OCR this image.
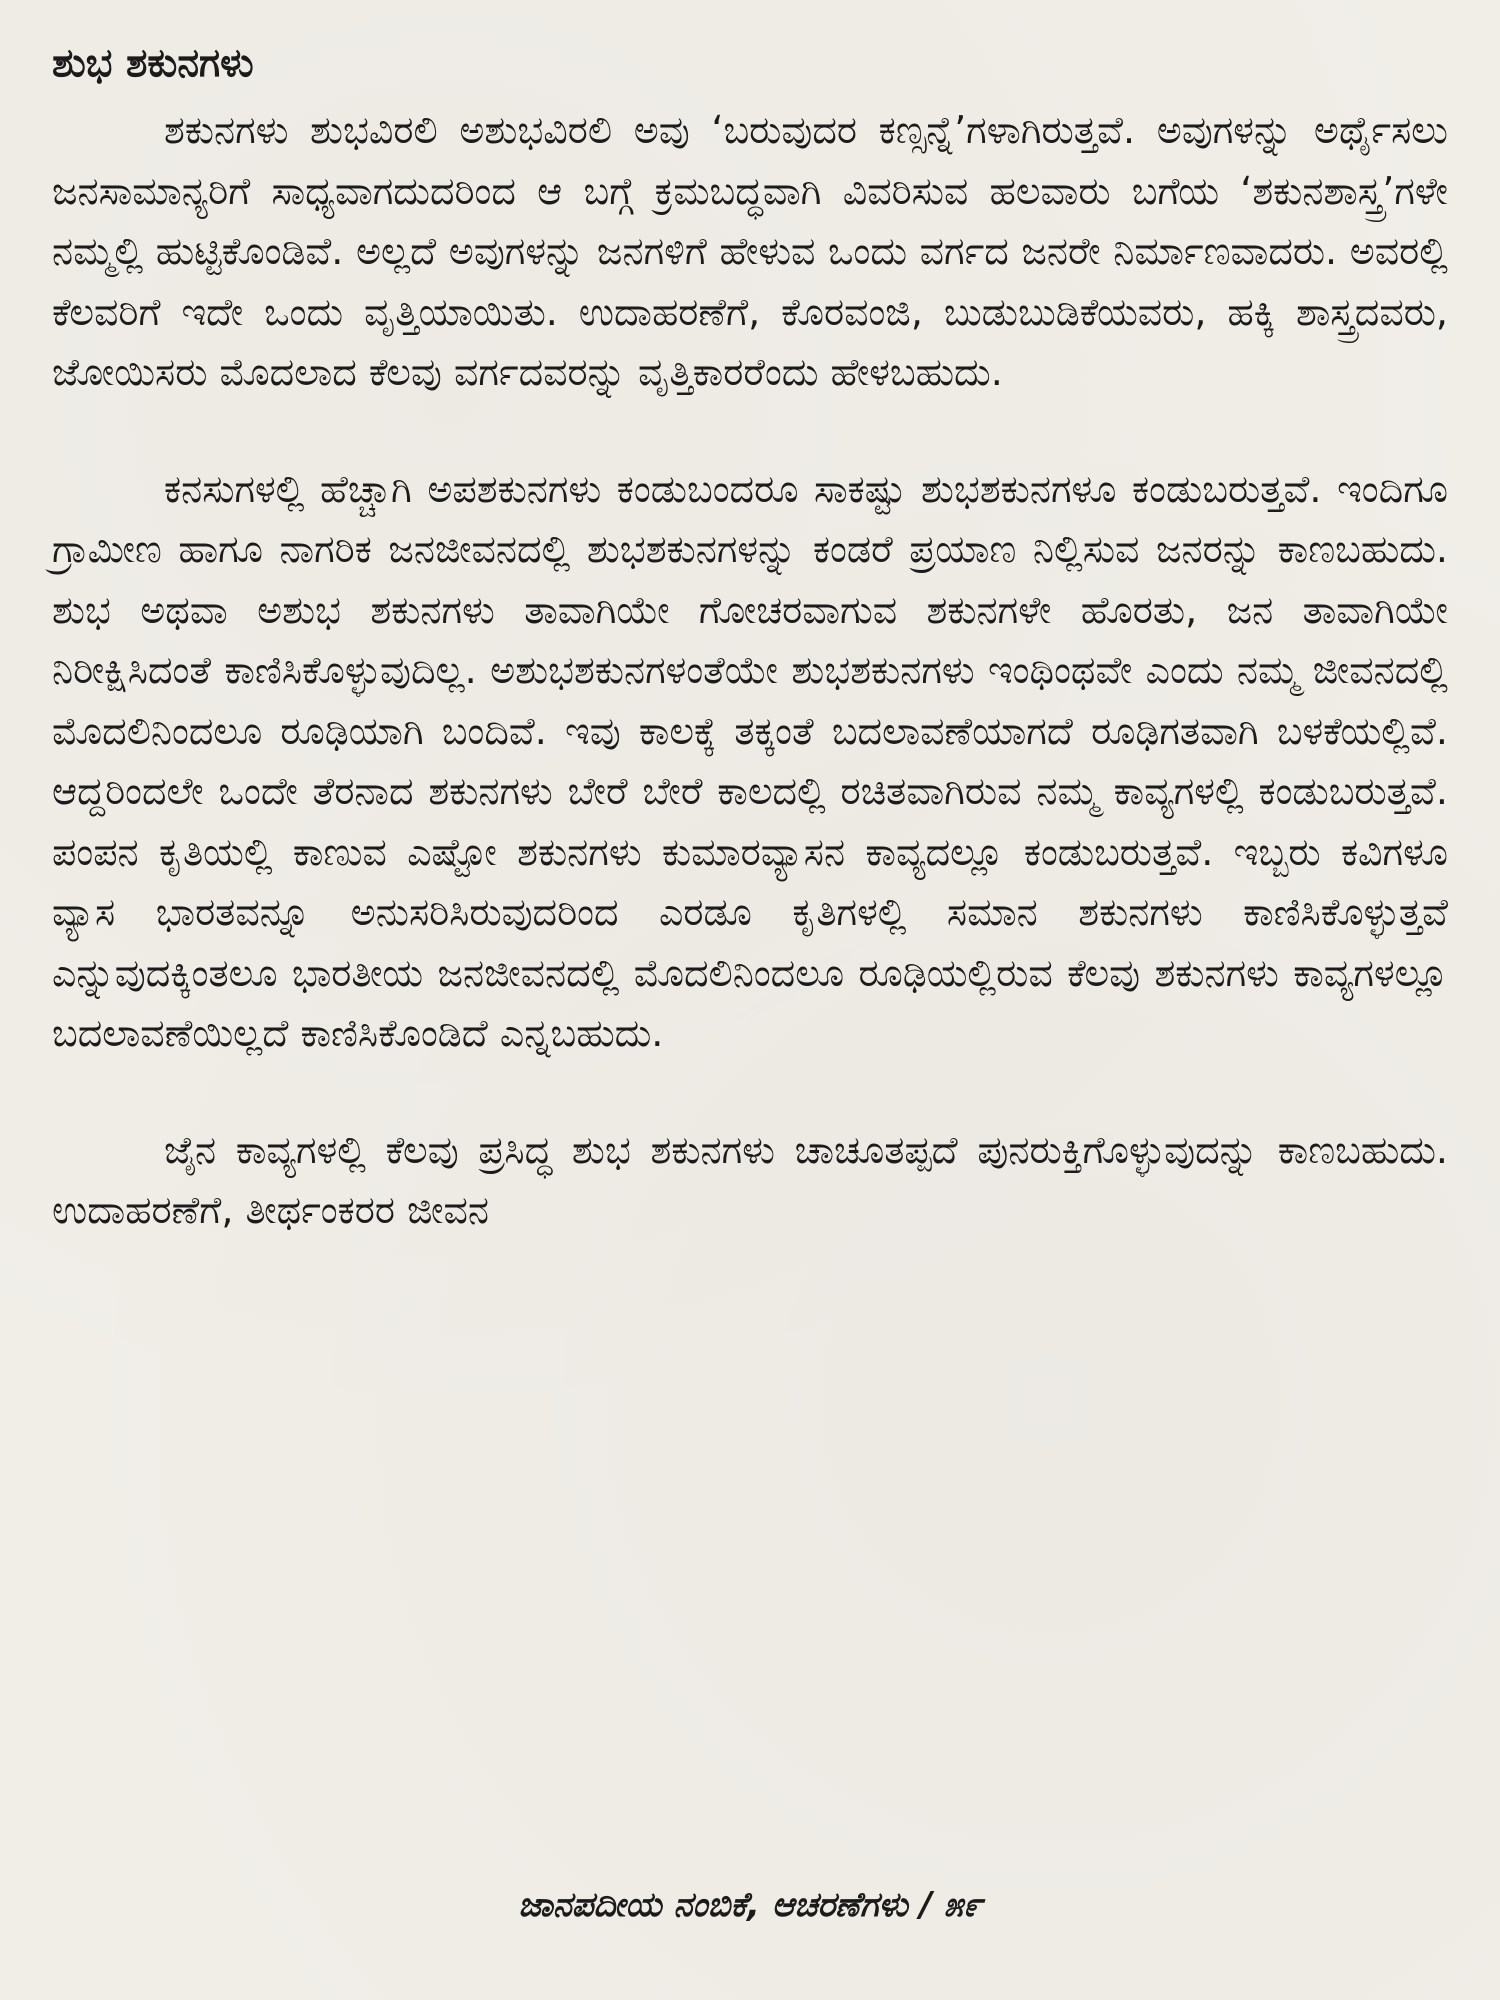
ಶುಭ ಶಕುನಗಳು

ಶಕುನಗಳು ಶುಭವಿರಲಿ ಅಶುಭವಿರಲಿ ಅವು ‘ಬರುವುದರ ಕಣ್ಸನ್ನೆ’ಗಳಾಗಿರುತ್ತವೆ. ಅವುಗಳನ್ನು ಅರ್ಥೈಸಲು ಜನಸಾಮಾನ್ಯರಿಗೆ ಸಾಧ್ಯವಾಗದುದರಿಂದ ಆ ಬಗ್ಗೆ ಕ್ರಮಬದ್ಧವಾಗಿ ವಿವರಿಸುವ ಹಲವಾರು ಬಗೆಯ ‘ಶಕುನಶಾಸ್ತ್ರ’ಗಳೇ ನಮ್ಮಲ್ಲಿ ಹುಟ್ಟಿಕೊಂಡಿವೆ. ಅಲ್ಲದೆ ಅವುಗಳನ್ನು ಜನಗಳಿಗೆ ಹೇಳುವ ಒಂದು ವರ್ಗದ ಜನರೇ ನಿರ್ಮಾಣವಾದರು. ಅವರಲ್ಲಿ ಕೆಲವರಿಗೆ ಇದೇ ಒಂದು ವೃತ್ತಿಯಾಯಿತು. ಉದಾಹರಣೆಗೆ, ಕೊರವಂಜಿ, ಬುಡುಬುಡಿಕೆಯವರು, ಹಕ್ಕಿ ಶಾಸ್ತ್ರದವರು, ಜೋಯಿಸರು ಮೊದಲಾದ ಕೆಲವು ವರ್ಗದವರನ್ನು ವೃತ್ತಿಕಾರರೆಂದು ಹೇಳಬಹುದು.

ಕನಸುಗಳಲ್ಲಿ ಹೆಚ್ಚಾಗಿ ಅಪಶಕುನಗಳು ಕಂಡುಬಂದರೂ ಸಾಕಷ್ಟು ಶುಭಶಕುನಗಳೂ ಕಂಡುಬರುತ್ತವೆ. ಇಂದಿಗೂ ಗ್ರಾಮೀಣ ಹಾಗೂ ನಾಗರಿಕ ಜನಜೀವನದಲ್ಲಿ ಶುಭಶಕುನಗಳನ್ನು ಕಂಡರೆ ಪ್ರಯಾಣ ನಿಲ್ಲಿಸುವ ಜನರನ್ನು ಕಾಣಬಹುದು. ಶುಭ ಅಥವಾ ಅಶುಭ ಶಕುನಗಳು ತಾವಾಗಿಯೇ ಗೋಚರವಾಗುವ ಶಕುನಗಳೇ ಹೊರತು, ಜನ ತಾವಾಗಿಯೇ ನಿರೀಕ್ಷಿಸಿದಂತೆ ಕಾಣಿಸಿಕೊಳ್ಳುವುದಿಲ್ಲ. ಅಶುಭಶಕುನಗಳಂತೆಯೇ ಶುಭಶಕುನಗಳು ಇಂಥಿಂಥವೇ ಎಂದು ನಮ್ಮ ಜೀವನದಲ್ಲಿ ಮೊದಲಿನಿಂದಲೂ ರೂಢಿಯಾಗಿ ಬಂದಿವೆ. ಇವು ಕಾಲಕ್ಕೆ ತಕ್ಕಂತೆ ಬದಲಾವಣೆಯಾಗದೆ ರೂಢಿಗತವಾಗಿ ಬಳಕೆಯಲ್ಲಿವೆ. ಆದ್ದರಿಂದಲೇ ಒಂದೇ ತೆರನಾದ ಶಕುನಗಳು ಬೇರೆ ಬೇರೆ ಕಾಲದಲ್ಲಿ ರಚಿತವಾಗಿರುವ ನಮ್ಮ ಕಾವ್ಯಗಳಲ್ಲಿ ಕಂಡುಬರುತ್ತವೆ. ಪಂಪನ ಕೃತಿಯಲ್ಲಿ ಕಾಣುವ ಎಷ್ಟೋ ಶಕುನಗಳು ಕುಮಾರವ್ಯಾಸನ ಕಾವ್ಯದಲ್ಲೂ ಕಂಡುಬರುತ್ತವೆ. ಇಬ್ಬರು ಕವಿಗಳೂ ವ್ಯಾಸ ಭಾರತವನ್ನೂ ಅನುಸರಿಸಿರುವುದರಿಂದ ಎರಡೂ ಕೃತಿಗಳಲ್ಲಿ ಸಮಾನ ಶಕುನಗಳು ಕಾಣಿಸಿಕೊಳ್ಳುತ್ತವೆ ಎನ್ನುವುದಕ್ಕಿಂತಲೂ ಭಾರತೀಯ ಜನಜೀವನದಲ್ಲಿ ಮೊದಲಿನಿಂದಲೂ ರೂಢಿಯಲ್ಲಿರುವ ಕೆಲವು ಶಕುನಗಳು ಕಾವ್ಯಗಳಲ್ಲೂ ಬದಲಾವಣೆಯಿಲ್ಲದೆ ಕಾಣಿಸಿಕೊಂಡಿದೆ ಎನ್ನಬಹುದು.

ಜೈನ ಕಾವ್ಯಗಳಲ್ಲಿ ಕೆಲವು ಪ್ರಸಿದ್ಧ ಶುಭ ಶಕುನಗಳು ಚಾಚೂತಪ್ಪದೆ ಪುನರುಕ್ತಿಗೊಳ್ಳುವುದನ್ನು ಕಾಣಬಹುದು. ಉದಾಹರಣೆಗೆ, ತೀರ್ಥಂಕರರ ಜೀವನ

ಜಾನಪದೀಯ ನಂಬಿಕೆ, ಆಚರಣೆಗಳು / ೫೯
